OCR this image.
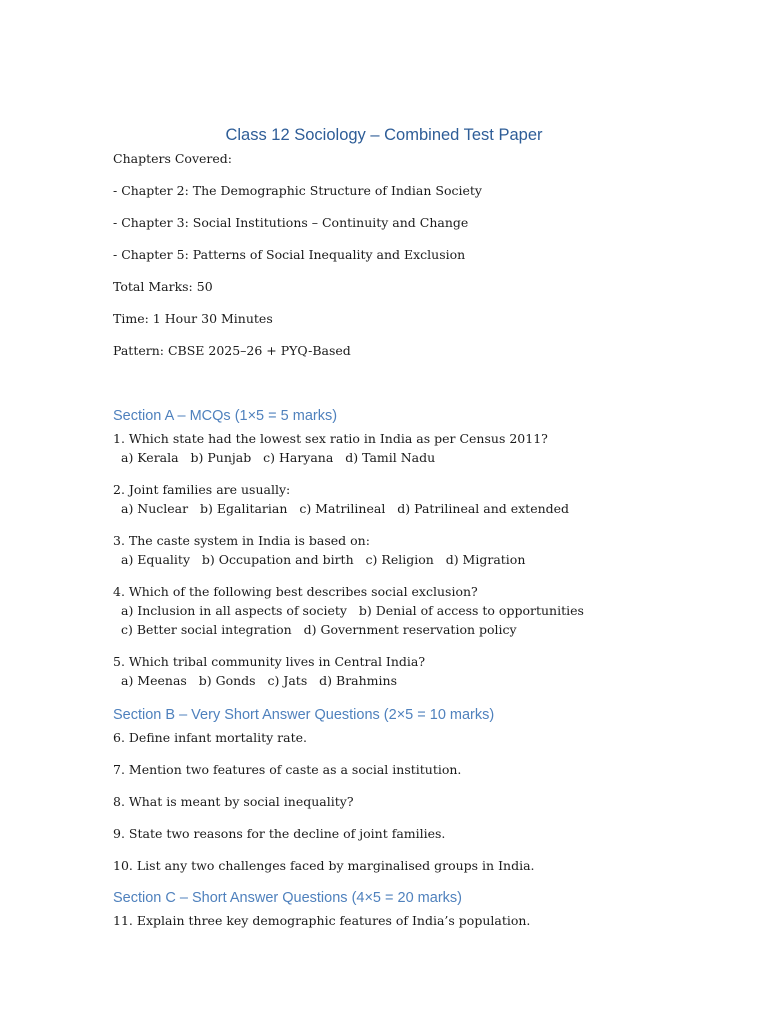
Class 12 Sociology – Combined Test Paper

Chapters Covered:

- Chapter 2: The Demographic Structure of Indian Society

- Chapter 3: Social Institutions – Continuity and Change

- Chapter 5: Patterns of Social Inequality and Exclusion

Total Marks: 50

Time: 1 Hour 30 Minutes

Pattern: CBSE 2025–26 + PYQ-Based

Section A – MCQs (1×5 = 5 marks)

1. Which state had the lowest sex ratio in India as per Census 2011?

a) Kerala   b) Punjab   c) Haryana   d) Tamil Nadu

2. Joint families are usually:

a) Nuclear   b) Egalitarian   c) Matrilineal   d) Patrilineal and extended

3. The caste system in India is based on:

a) Equality   b) Occupation and birth   c) Religion   d) Migration

4. Which of the following best describes social exclusion?

a) Inclusion in all aspects of society   b) Denial of access to opportunities

c) Better social integration   d) Government reservation policy

5. Which tribal community lives in Central India?

a) Meenas   b) Gonds   c) Jats   d) Brahmins

Section B – Very Short Answer Questions (2×5 = 10 marks)

6. Define infant mortality rate.

7. Mention two features of caste as a social institution.

8. What is meant by social inequality?

9. State two reasons for the decline of joint families.

10. List any two challenges faced by marginalised groups in India.

Section C – Short Answer Questions (4×5 = 20 marks)

11. Explain three key demographic features of India’s population.
